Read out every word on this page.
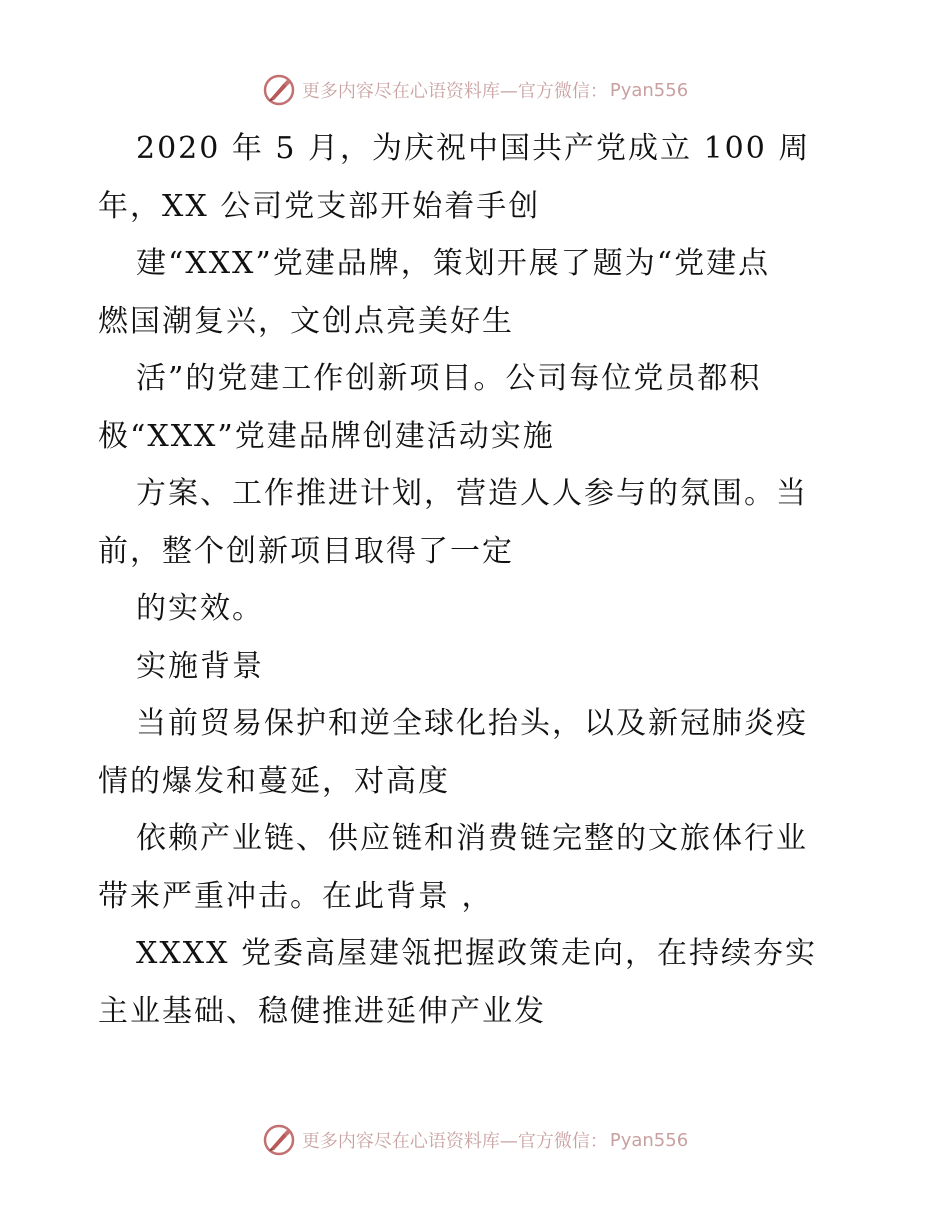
更多内容尽在心语资料库—官方微信： Pyan556
2020 年 5 月，为庆祝中国共产党成立 100 周
年，XX 公司党支部开始着手创
建“XXX”党建品牌，策划开展了题为“党建点
燃国潮复兴，文创点亮美好生
活”的党建工作创新项目。公司每位党员都积
极“XXX”党建品牌创建活动实施
方案、工作推进计划，营造人人参与的氛围。当
前，整个创新项目取得了一定
的实效。
实施背景
当前贸易保护和逆全球化抬头，以及新冠肺炎疫
情的爆发和蔓延，对高度
依赖产业链、供应链和消费链完整的文旅体行业
带来严重冲击。在此背景 ，
XXXX 党委高屋建瓴把握政策走向，在持续夯实
主业基础、稳健推进延伸产业发
更多内容尽在心语资料库—官方微信： Pyan556
